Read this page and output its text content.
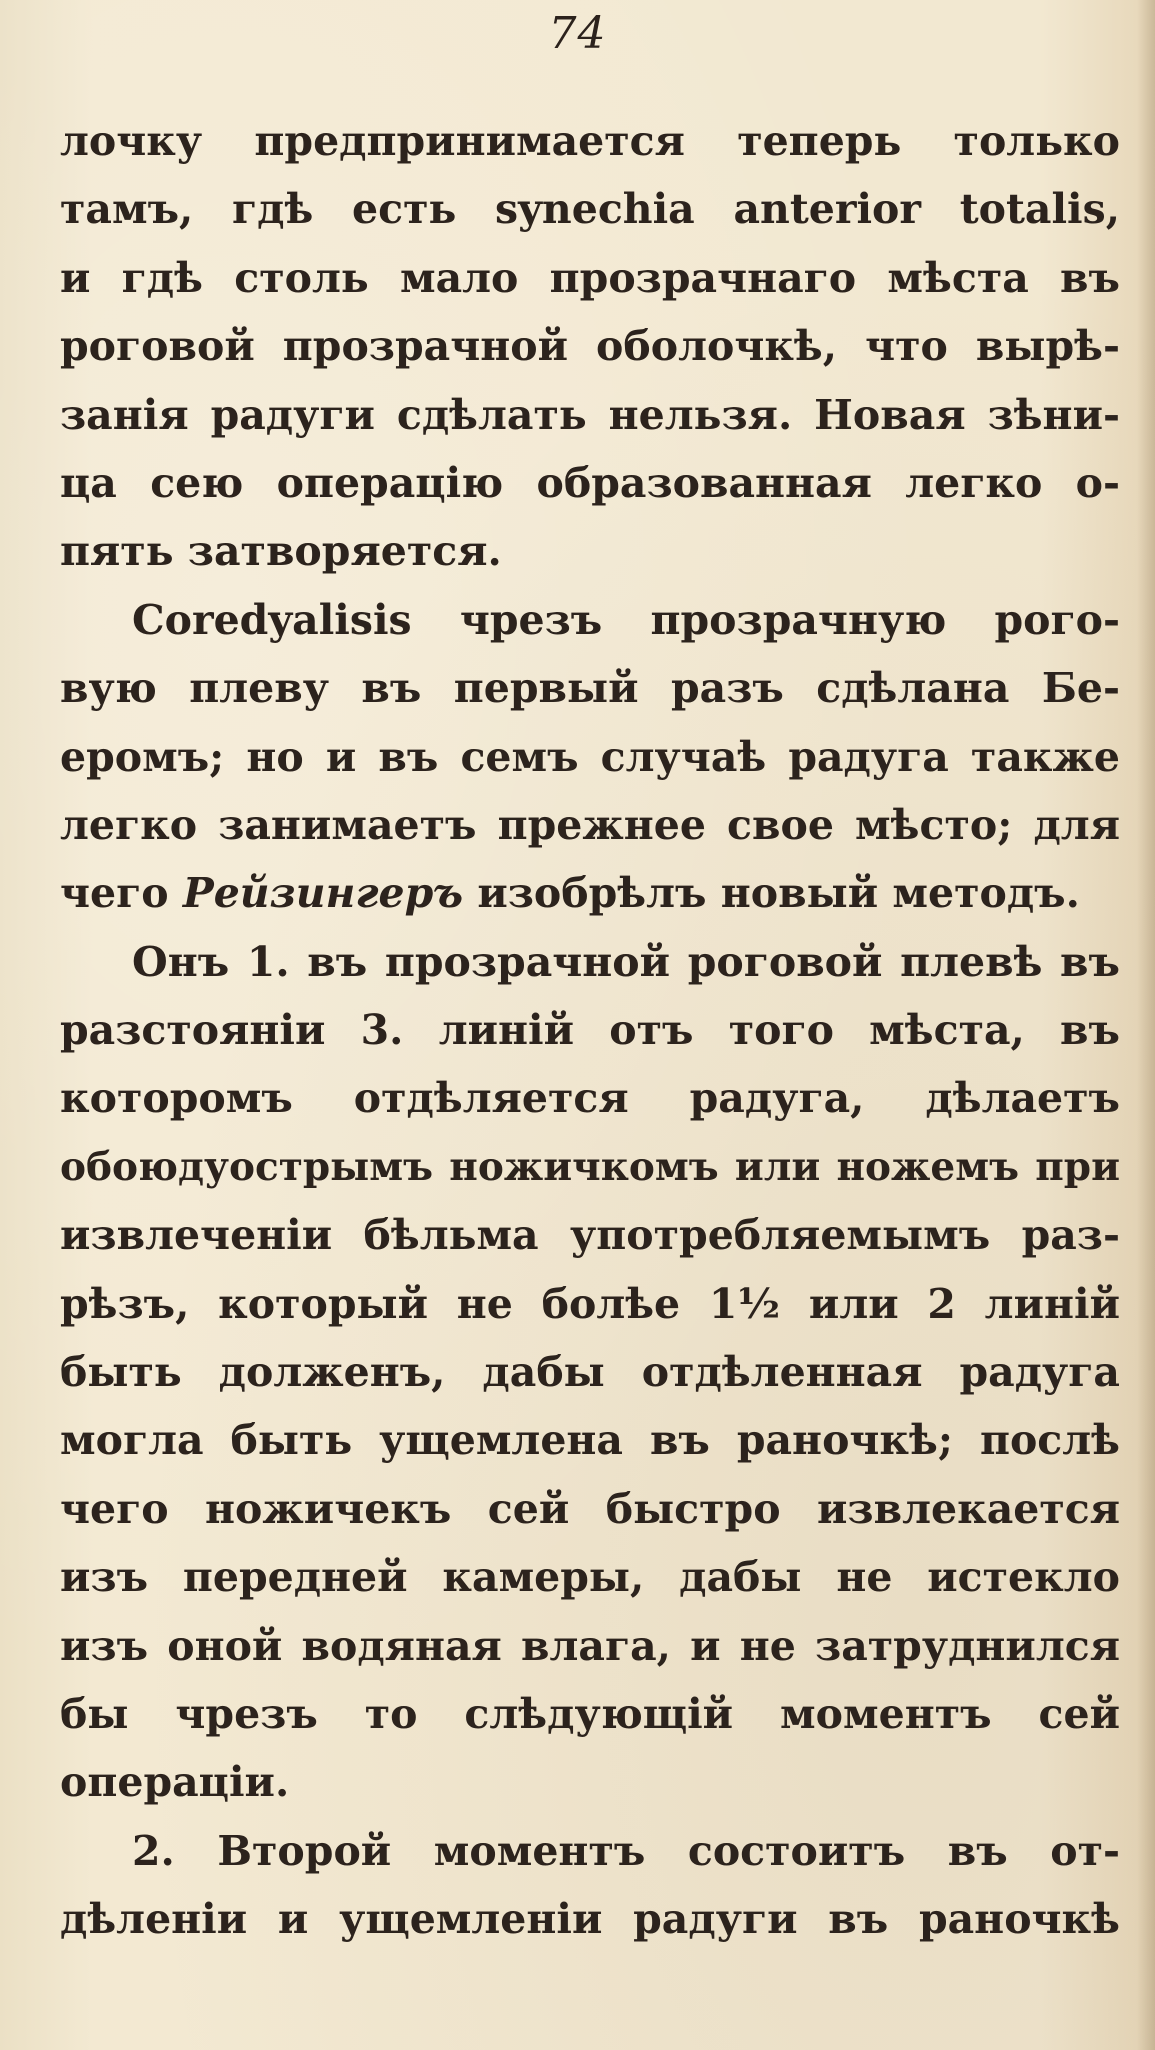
74
лочку предпринимается теперь только
тамъ, гдѣ есть synechia anterior totalis,
и гдѣ столь мало прозрачнаго мѣста въ
роговой прозрачной оболочкѣ, что вырѣ-
занія радуги сдѣлать нельзя. Новая зѣни-
ца сею операцію образованная легко о-
пять затворяется.
Coredyalisis чрезъ прозрачную рого-
вую плеву въ первый разъ сдѣлана Бе-
еромъ; но и въ семъ случаѣ радуга также
легко занимаетъ прежнее свое мѣсто; для
чего Рейзингеръ изобрѣлъ новый методъ.
Онъ 1. въ прозрачной роговой плевѣ въ
разстояніи 3. линій отъ того мѣста, въ
которомъ отдѣляется радуга, дѣлаетъ
обоюдуострымъ ножичкомъ или ножемъ при
извлеченіи бѣльма употребляемымъ раз-
рѣзъ, который не болѣе 1½ или 2 линій
быть долженъ, дабы отдѣленная радуга
могла быть ущемлена въ раночкѣ; послѣ
чего ножичекъ сей быстро извлекается
изъ передней камеры, дабы не истекло
изъ оной водяная влага, и не затруднился
бы чрезъ то слѣдующій моментъ сей
операціи.
2. Второй моментъ состоитъ въ от-
дѣленіи и ущемленіи радуги въ раночкѣ
